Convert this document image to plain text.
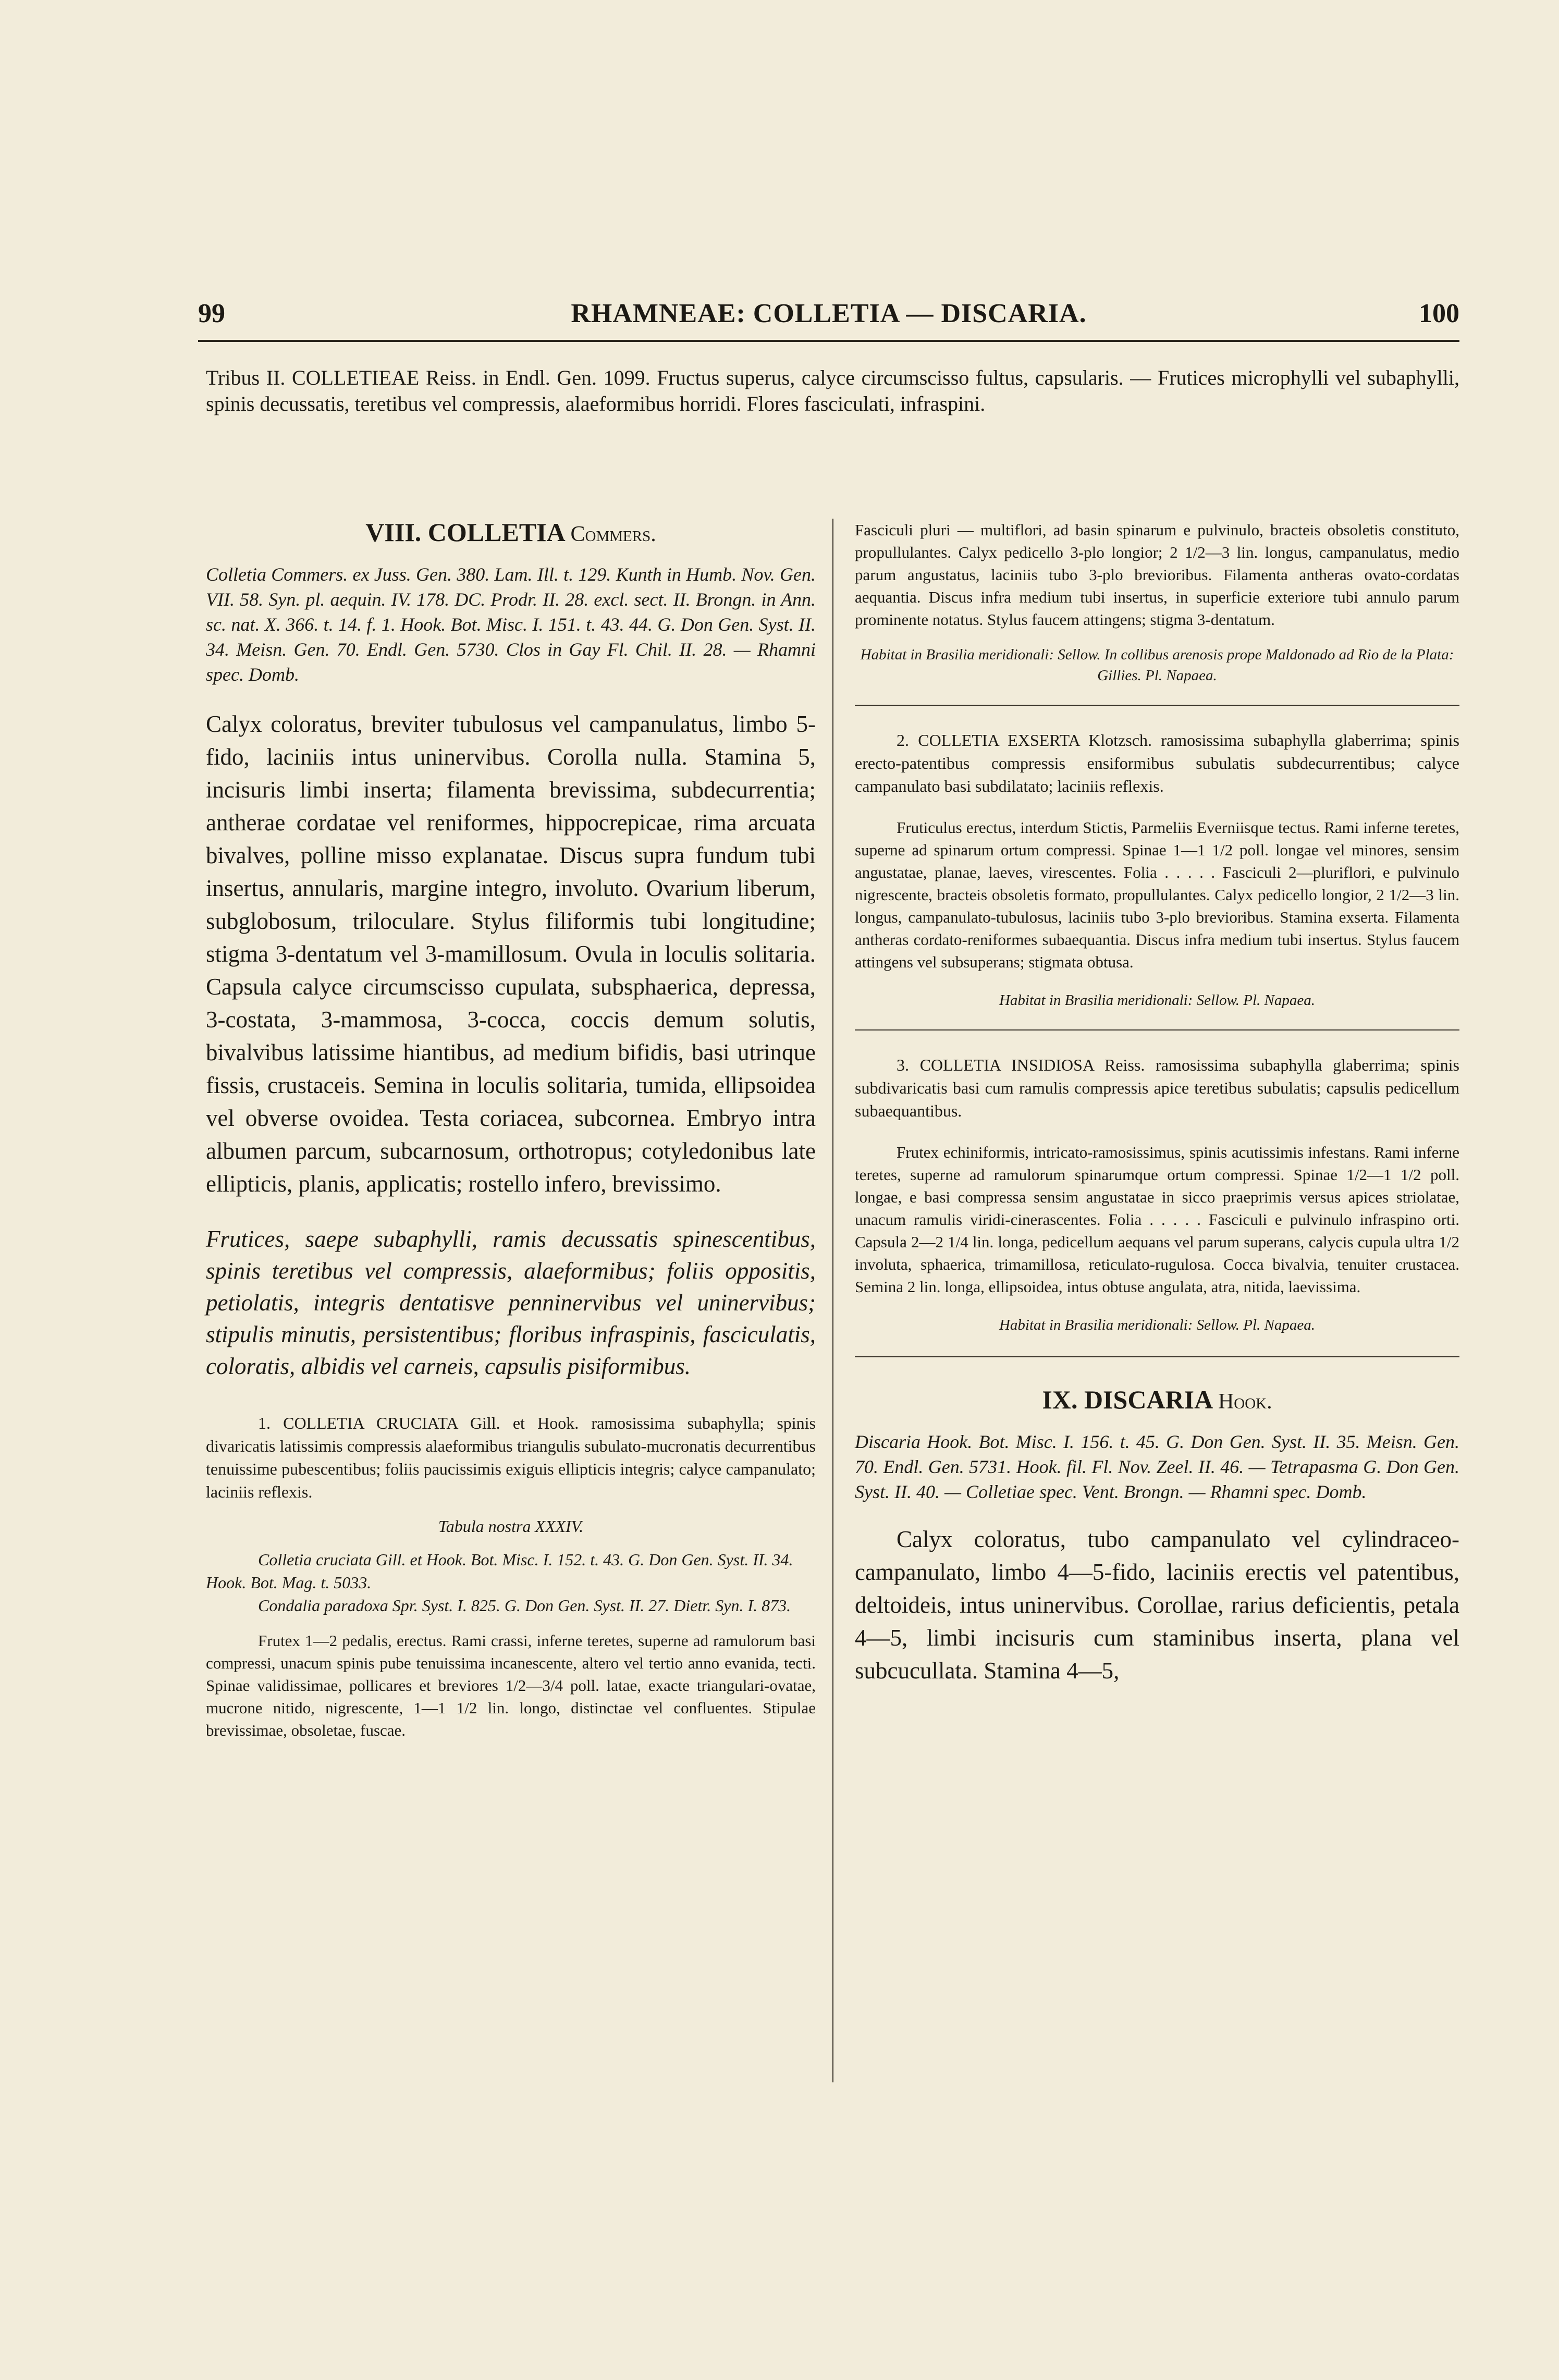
99	RHAMNEAE: COLLETIA — DISCARIA.	100

Tribus II. COLLETIEAE Reiss. in Endl. Gen. 1099. Fructus superus, calyce circumscisso fultus, capsularis. — Frutices microphylli vel subaphylli, spinis decussatis, teretibus vel compressis, alaeformibus horridi. Flores fasciculati, infraspini.

VIII. COLLETIA Commers.

Colletia Commers. ex Juss. Gen. 380. Lam. Ill. t. 129. Kunth in Humb. Nov. Gen. VII. 58. Syn. pl. aequin. IV. 178. DC. Prodr. II. 28. excl. sect. II. Brongn. in Ann. sc. nat. X. 366. t. 14. f. 1. Hook. Bot. Misc. I. 151. t. 43. 44. G. Don Gen. Syst. II. 34. Meisn. Gen. 70. Endl. Gen. 5730. Clos in Gay Fl. Chil. II. 28. — Rhamni spec. Domb.

Calyx coloratus, breviter tubulosus vel campanulatus, limbo 5-fido, laciniis intus uninervibus. Corolla nulla. Stamina 5, incisuris limbi inserta; filamenta brevissima, subdecurrentia; antherae cordatae vel reniformes, hippocrepicae, rima arcuata bivalves, polline misso explanatae. Discus supra fundum tubi insertus, annularis, margine integro, involuto. Ovarium liberum, subglobosum, triloculare. Stylus filiformis tubi longitudine; stigma 3-dentatum vel 3-mamillosum. Ovula in loculis solitaria. Capsula calyce circumscisso cupulata, subsphaerica, depressa, 3-costata, 3-mammosa, 3-cocca, coccis demum solutis, bivalvibus latissime hiantibus, ad medium bifidis, basi utrinque fissis, crustaceis. Semina in loculis solitaria, tumida, ellipsoidea vel obverse ovoidea. Testa coriacea, subcornea. Embryo intra albumen parcum, subcarnosum, orthotropus; cotyledonibus late ellipticis, planis, applicatis; rostello infero, brevissimo.

Frutices, saepe subaphylli, ramis decussatis spinescentibus, spinis teretibus vel compressis, alaeformibus; foliis oppositis, petiolatis, integris dentatisve penninervibus vel uninervibus; stipulis minutis, persistentibus; floribus infraspinis, fasciculatis, coloratis, albidis vel carneis, capsulis pisiformibus.

1. COLLETIA CRUCIATA Gill. et Hook. ramosissima subaphylla; spinis divaricatis latissimis compressis alaeformibus triangulis subulato-mucronatis decurrentibus tenuissime pubescentibus; foliis paucissimis exiguis ellipticis integris; calyce campanulato; laciniis reflexis.

Tabula nostra XXXIV.

Colletia cruciata Gill. et Hook. Bot. Misc. I. 152. t. 43. G. Don Gen. Syst. II. 34. Hook. Bot. Mag. t. 5033.

Condalia paradoxa Spr. Syst. I. 825. G. Don Gen. Syst. II. 27. Dietr. Syn. I. 873.

Frutex 1—2 pedalis, erectus. Rami crassi, inferne teretes, superne ad ramulorum basi compressi, unacum spinis pube tenuissima incanescente, altero vel tertio anno evanida, tecti. Spinae validissimae, pollicares et breviores 1/2—3/4 poll. latae, exacte triangulari-ovatae, mucrone nitido, nigrescente, 1—1 1/2 lin. longo, distinctae vel confluentes. Stipulae brevissimae, obsoletae, fuscae.

Fasciculi pluri — multiflori, ad basin spinarum e pulvinulo, bracteis obsoletis constituto, propullulantes. Calyx pedicello 3-plo longior; 2 1/2—3 lin. longus, campanulatus, medio parum angustatus, laciniis tubo 3-plo brevioribus. Filamenta antheras ovato-cordatas aequantia. Discus infra medium tubi insertus, in superficie exteriore tubi annulo parum prominente notatus. Stylus faucem attingens; stigma 3-dentatum.

Habitat in Brasilia meridionali: Sellow. In collibus arenosis prope Maldonado ad Rio de la Plata: Gillies. Pl. Napaea.

2. COLLETIA EXSERTA Klotzsch. ramosissima subaphylla glaberrima; spinis erecto-patentibus compressis ensiformibus subulatis subdecurrentibus; calyce campanulato basi subdilatato; laciniis reflexis.

Fruticulus erectus, interdum Stictis, Parmeliis Everniisque tectus. Rami inferne teretes, superne ad spinarum ortum compressi. Spinae 1—1 1/2 poll. longae vel minores, sensim angustatae, planae, laeves, virescentes. Folia . . . . . Fasciculi 2—pluriflori, e pulvinulo nigrescente, bracteis obsoletis formato, propullulantes. Calyx pedicello longior, 2 1/2—3 lin. longus, campanulato-tubulosus, laciniis tubo 3-plo brevioribus. Stamina exserta. Filamenta antheras cordato-reniformes subaequantia. Discus infra medium tubi insertus. Stylus faucem attingens vel subsuperans; stigmata obtusa.

Habitat in Brasilia meridionali: Sellow. Pl. Napaea.

3. COLLETIA INSIDIOSA Reiss. ramosissima subaphylla glaberrima; spinis subdivaricatis basi cum ramulis compressis apice teretibus subulatis; capsulis pedicellum subaequantibus.

Frutex echiniformis, intricato-ramosissimus, spinis acutissimis infestans. Rami inferne teretes, superne ad ramulorum spinarumque ortum compressi. Spinae 1/2—1 1/2 poll. longae, e basi compressa sensim angustatae in sicco praeprimis versus apices striolatae, unacum ramulis viridi-cinerascentes. Folia . . . . . Fasciculi e pulvinulo infraspino orti. Capsula 2—2 1/4 lin. longa, pedicellum aequans vel parum superans, calycis cupula ultra 1/2 involuta, sphaerica, trimamillosa, reticulato-rugulosa. Cocca bivalvia, tenuiter crustacea. Semina 2 lin. longa, ellipsoidea, intus obtuse angulata, atra, nitida, laevissima.

Habitat in Brasilia meridionali: Sellow. Pl. Napaea.

IX. DISCARIA Hook.

Discaria Hook. Bot. Misc. I. 156. t. 45. G. Don Gen. Syst. II. 35. Meisn. Gen. 70. Endl. Gen. 5731. Hook. fil. Fl. Nov. Zeel. II. 46. — Tetrapasma G. Don Gen. Syst. II. 40. — Colletiae spec. Vent. Brongn. — Rhamni spec. Domb.

Calyx coloratus, tubo campanulato vel cylindraceo-campanulato, limbo 4—5-fido, laciniis erectis vel patentibus, deltoideis, intus uninervibus. Corollae, rarius deficientis, petala 4—5, limbi incisuris cum staminibus inserta, plana vel subcucullata. Stamina 4—5,
